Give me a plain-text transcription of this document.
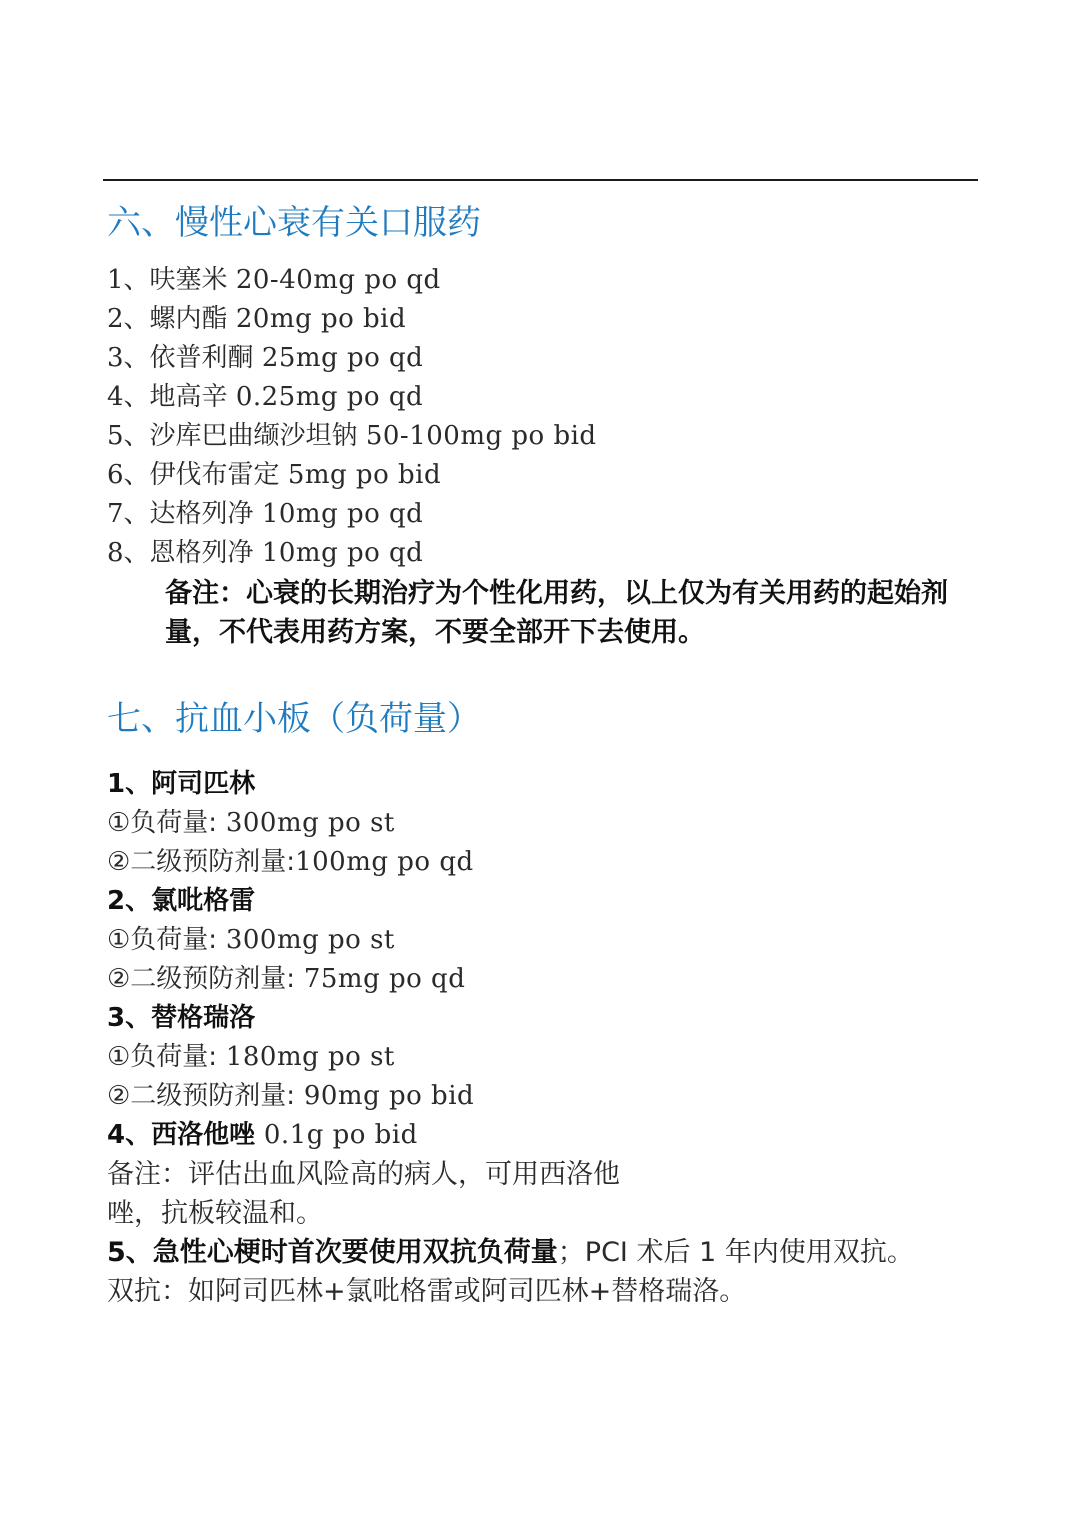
六、慢性心衰有关口服药
1、呋塞米 20-40mg po qd
2、螺内酯 20mg po bid
3、依普利酮 25mg po qd
4、地高辛 0.25mg po qd
5、沙库巴曲缬沙坦钠 50-100mg po bid
6、伊伐布雷定 5mg po bid
7、达格列净 10mg po qd
8、恩格列净 10mg po qd

备注：心衰的长期治疗为个性化用药，以上仅为有关用药的起始剂量，不代表用药方案，不要全部开下去使用。

七、抗血小板（负荷量）
1、阿司匹林
①负荷量: 300mg po st
②二级预防剂量:100mg po qd
2、氯吡格雷
①负荷量: 300mg po st
②二级预防剂量: 75mg po qd
3、替格瑞洛
①负荷量: 180mg po st
②二级预防剂量: 90mg po bid
4、西洛他唑 0.1g po bid
备注：评估出血风险高的病人，可用西洛他
唑，抗板较温和。
5、急性心梗时首次要使用双抗负荷量；PCI 术后 1 年内使用双抗。
双抗：如阿司匹林+氯吡格雷或阿司匹林+替格瑞洛。
